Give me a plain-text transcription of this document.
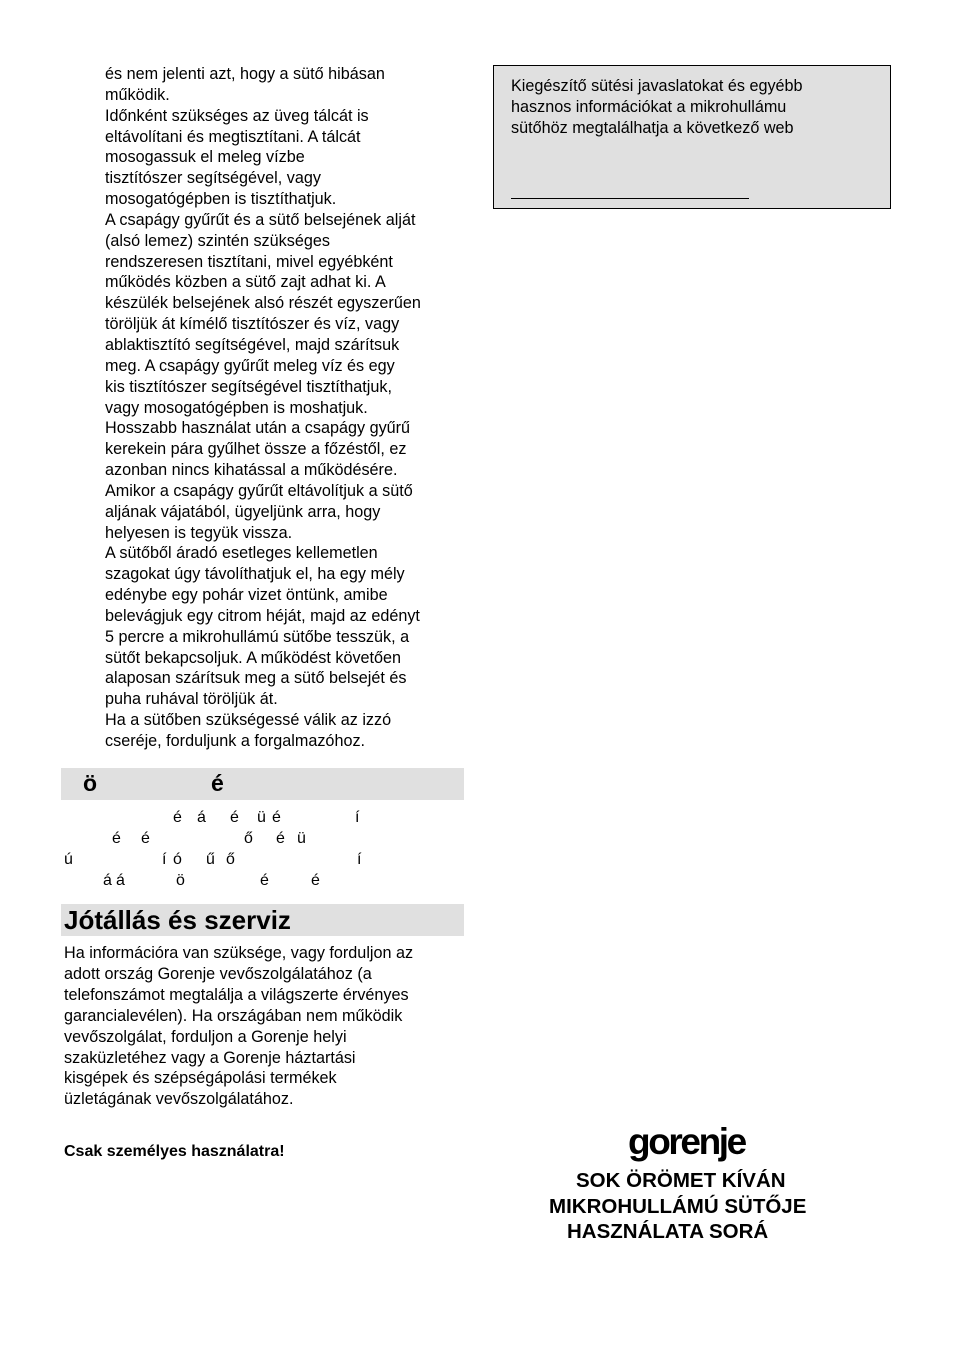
és nem jelenti azt, hogy a sütő hibásan

működik.

Időnként szükséges az üveg tálcát is

eltávolítani és megtisztítani. A tálcát

mosogassuk el meleg vízbe

tisztítószer segítségével, vagy

mosogatógépben is tisztíthatjuk.

A csapágy gyűrűt és a sütő belsejének alját

(alsó lemez) szintén szükséges

rendszeresen tisztítani, mivel egyébként

működés közben a sütő zajt adhat ki. A

készülék belsejének alsó részét egyszerűen

töröljük át kímélő tisztítószer és víz, vagy

ablaktisztító segítségével, majd szárítsuk

meg. A csapágy gyűrűt meleg víz és egy

kis tisztítószer segítségével tisztíthatjuk,

vagy mosogatógépben is moshatjuk.

Hosszabb használat után a csapágy gyűrű

kerekein pára gyűlhet össze a főzéstől, ez

azonban nincs kihatással a működésére.

Amikor a csapágy gyűrűt eltávolítjuk a sütő

aljának vájatából, ügyeljünk arra, hogy

helyesen is tegyük vissza.

A sütőből áradó esetleges kellemetlen

szagokat úgy távolíthatjuk el, ha egy mély

edénybe egy pohár vizet öntünk, amibe

belevágjuk egy citrom héját, majd az edényt

5 percre a mikrohullámú sütőbe tesszük, a

sütőt bekapcsoljuk. A működést követően

alaposan szárítsuk meg a sütő belsejét és

puha ruhával töröljük át.

Ha a sütőben szükségessé válik az izzó

cseréje, forduljunk a forgalmazóhoz.

ö	é
é á é ü é	í
é é	ő é ü
ú	í ó ű ő	í
á á	ö	é	é
Jótállás és szerviz
Ha információra van szüksége, vagy forduljon az
adott ország Gorenje vevőszolgálatához (a
telefonszámot megtalálja a világszerte érvényes
garancialevélen). Ha országában nem működik
vevőszolgálat, forduljon a Gorenje helyi
szaküzletéhez vagy a Gorenje háztartási
kisgépek és szépségápolási termékek
üzletágának vevőszolgálatához.
Csak személyes használatra!
Kiegészítő sütési javaslatokat és egyébb
hasznos információkat a mikrohullámu
sütőhöz megtalálhatja a következő web
gorenje
SOK ÖRÖMET KÍVÁN
MIKROHULLÁMÚ SÜTŐJE
HASZNÁLATA SORÁ
